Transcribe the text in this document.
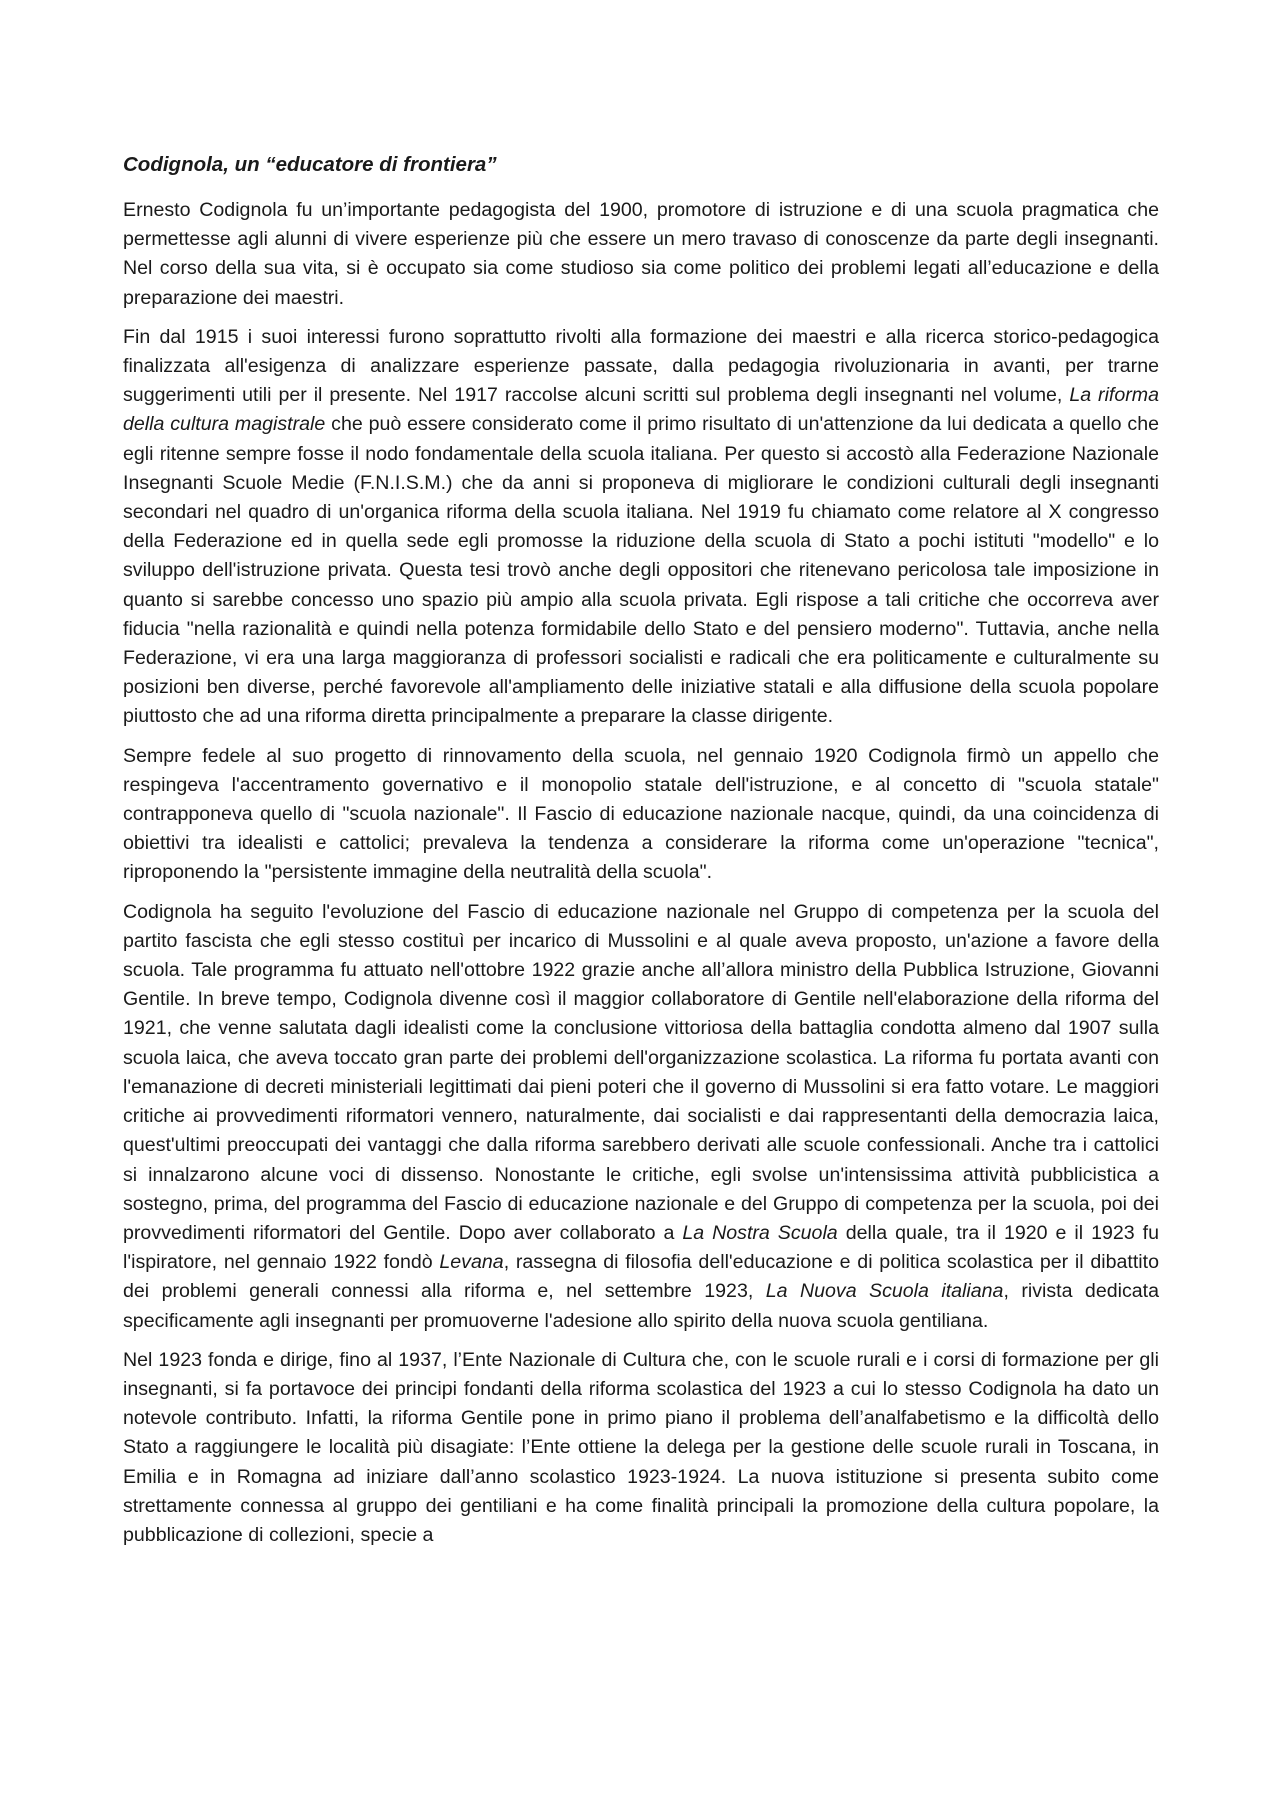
Codignola, un “educatore di frontiera”

Ernesto Codignola fu un’importante pedagogista del 1900, promotore di istruzione e di una scuola pragmatica che permettesse agli alunni di vivere esperienze più che essere un mero travaso di conoscenze da parte degli insegnanti. Nel corso della sua vita, si è occupato sia come studioso sia come politico dei problemi legati all’educazione e della preparazione dei maestri.

Fin dal 1915 i suoi interessi furono soprattutto rivolti alla formazione dei maestri e alla ricerca storico-pedagogica finalizzata all'esigenza di analizzare esperienze passate, dalla pedagogia rivoluzionaria in avanti, per trarne suggerimenti utili per il presente. Nel 1917 raccolse alcuni scritti sul problema degli insegnanti nel volume, La riforma della cultura magistrale che può essere considerato come il primo risultato di un'attenzione da lui dedicata a quello che egli ritenne sempre fosse il nodo fondamentale della scuola italiana. Per questo si accostò alla Federazione Nazionale Insegnanti Scuole Medie (F.N.I.S.M.) che da anni si proponeva di migliorare le condizioni culturali degli insegnanti secondari nel quadro di un'organica riforma della scuola italiana. Nel 1919 fu chiamato come relatore al X congresso della Federazione ed in quella sede egli promosse la riduzione della scuola di Stato a pochi istituti "modello" e lo sviluppo dell'istruzione privata. Questa tesi trovò anche degli oppositori che ritenevano pericolosa tale imposizione in quanto si sarebbe concesso uno spazio più ampio alla scuola privata. Egli rispose a tali critiche che occorreva aver fiducia "nella razionalità e quindi nella potenza formidabile dello Stato e del pensiero moderno". Tuttavia, anche nella Federazione, vi era una larga maggioranza di professori socialisti e radicali che era politicamente e culturalmente su posizioni ben diverse, perché favorevole all'ampliamento delle iniziative statali e alla diffusione della scuola popolare piuttosto che ad una riforma diretta principalmente a preparare la classe dirigente.

Sempre fedele al suo progetto di rinnovamento della scuola, nel gennaio 1920 Codignola firmò un appello che respingeva l'accentramento governativo e il monopolio statale dell'istruzione, e al concetto di "scuola statale" contrapponeva quello di "scuola nazionale". Il Fascio di educazione nazionale nacque, quindi, da una coincidenza di obiettivi tra idealisti e cattolici; prevaleva la tendenza a considerare la riforma come un'operazione "tecnica", riproponendo la "persistente immagine della neutralità della scuola".

Codignola ha seguito l'evoluzione del Fascio di educazione nazionale nel Gruppo di competenza per la scuola del partito fascista che egli stesso costituì per incarico di Mussolini e al quale aveva proposto, un'azione a favore della scuola. Tale programma fu attuato nell'ottobre 1922 grazie anche all’allora ministro della Pubblica Istruzione, Giovanni Gentile. In breve tempo, Codignola divenne così il maggior collaboratore di Gentile nell'elaborazione della riforma del 1921, che venne salutata dagli idealisti come la conclusione vittoriosa della battaglia condotta almeno dal 1907 sulla scuola laica, che aveva toccato gran parte dei problemi dell'organizzazione scolastica. La riforma fu portata avanti con l'emanazione di decreti ministeriali legittimati dai pieni poteri che il governo di Mussolini si era fatto votare. Le maggiori critiche ai provvedimenti riformatori vennero, naturalmente, dai socialisti e dai rappresentanti della democrazia laica, quest'ultimi preoccupati dei vantaggi che dalla riforma sarebbero derivati alle scuole confessionali. Anche tra i cattolici si innalzarono alcune voci di dissenso. Nonostante le critiche, egli svolse un'intensissima attività pubblicistica a sostegno, prima, del programma del Fascio di educazione nazionale e del Gruppo di competenza per la scuola, poi dei provvedimenti riformatori del Gentile. Dopo aver collaborato a La Nostra Scuola della quale, tra il 1920 e il 1923 fu l'ispiratore, nel gennaio 1922 fondò Levana, rassegna di filosofia dell'educazione e di politica scolastica per il dibattito dei problemi generali connessi alla riforma e, nel settembre 1923, La Nuova Scuola italiana, rivista dedicata specificamente agli insegnanti per promuoverne l'adesione allo spirito della nuova scuola gentiliana.

Nel 1923 fonda e dirige, fino al 1937, l’Ente Nazionale di Cultura che, con le scuole rurali e i corsi di formazione per gli insegnanti, si fa portavoce dei principi fondanti della riforma scolastica del 1923 a cui lo stesso Codignola ha dato un notevole contributo. Infatti, la riforma Gentile pone in primo piano il problema dell’analfabetismo e la difficoltà dello Stato a raggiungere le località più disagiate: l’Ente ottiene la delega per la gestione delle scuole rurali in Toscana, in Emilia e in Romagna ad iniziare dall’anno scolastico 1923-1924. La nuova istituzione si presenta subito come strettamente connessa al gruppo dei gentiliani e ha come finalità principali la promozione della cultura popolare, la pubblicazione di collezioni, specie a
